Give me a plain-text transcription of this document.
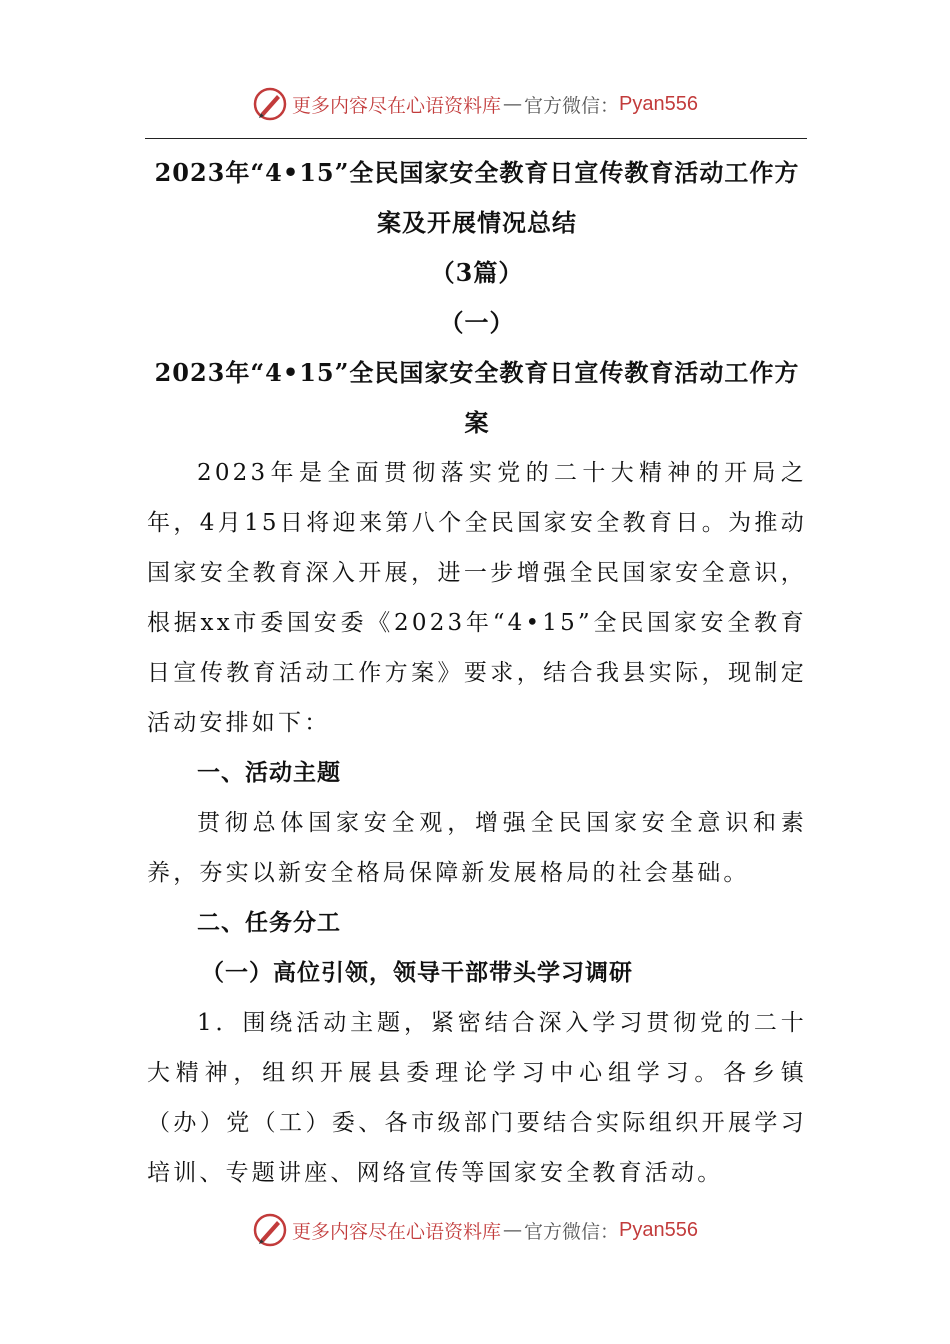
更多内容尽在心语资料库 — 官方微信： Pyan556

2023年“4•15”全民国家安全教育日宣传教育活动工作方

案及开展情况总结

（3篇）

（一）

2023年“4•15”全民国家安全教育日宣传教育活动工作方

案

2023年是全面贯彻落实党的二十大精神的开局之年，4月15日将迎来第八个全民国家安全教育日。为推动国家安全教育深入开展，进一步增强全民国家安全意识，根据xx市委国安委《2023年“4•15”全民国家安全教育日宣传教育活动工作方案》要求，结合我县实际，现制定活动安排如下：

一、活动主题

贯彻总体国家安全观，增强全民国家安全意识和素养，夯实以新安全格局保障新发展格局的社会基础。

二、任务分工

（一）高位引领，领导干部带头学习调研

1．围绕活动主题，紧密结合深入学习贯彻党的二十大精神，组织开展县委理论学习中心组学习。各乡镇（办）党（工）委、各市级部门要结合实际组织开展学习培训、专题讲座、网络宣传等国家安全教育活动。

更多内容尽在心语资料库 — 官方微信： Pyan556
